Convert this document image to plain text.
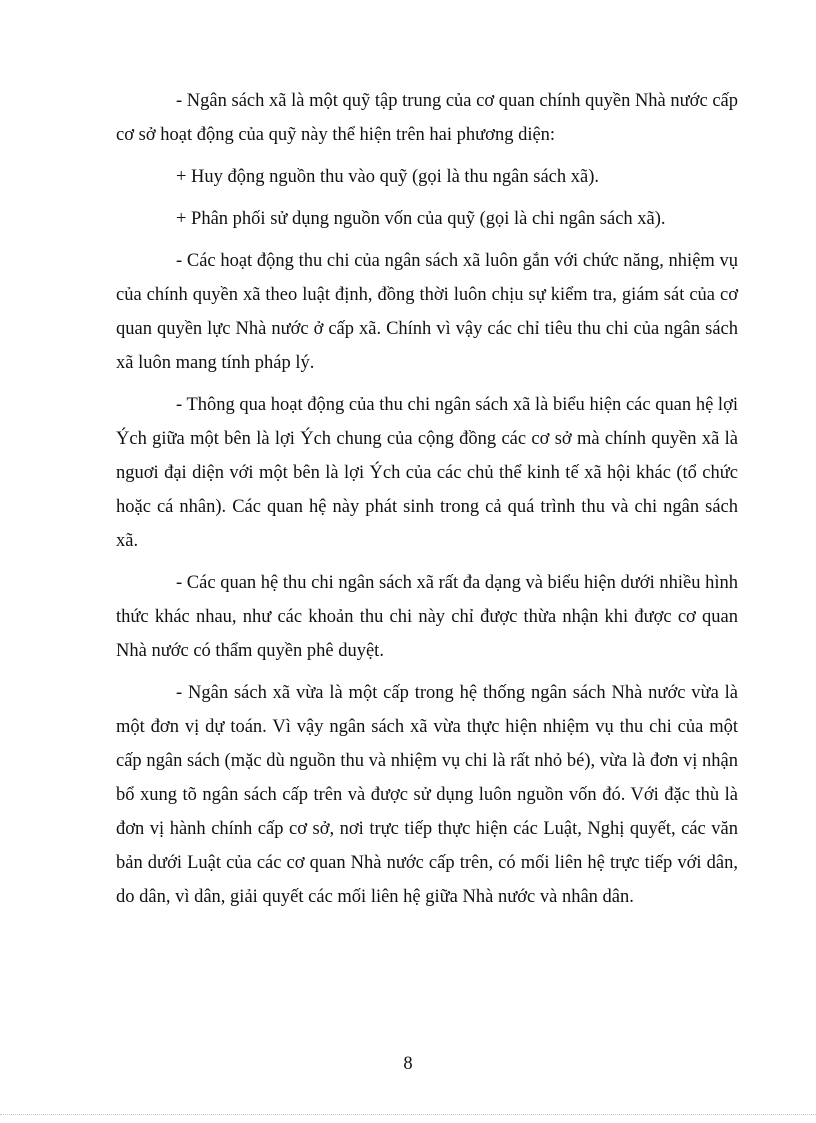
- Ngân sách xã là một quỹ tập trung của cơ quan chính quyền Nhà nước cấp cơ sở hoạt động của quỹ này thể hiện trên hai phương diện:

+ Huy động nguồn thu vào quỹ (gọi là thu ngân sách xã).

+ Phân phối sử dụng nguồn vốn của quỹ (gọi là chi ngân sách xã).

- Các hoạt động thu chi của ngân sách xã luôn gắn với chức năng, nhiệm vụ của chính quyền xã theo luật định, đồng thời luôn chịu sự kiểm tra, giám sát của cơ quan quyền lực Nhà nước ở cấp xã. Chính vì vậy các chỉ tiêu thu chi của ngân sách xã luôn mang tính pháp lý.

- Thông qua hoạt động của thu chi ngân sách xã là biểu hiện các quan hệ lợi Ých giữa một bên là lợi Ých chung của cộng đồng các cơ sở mà chính quyền xã là nguơi đại diện với một bên là lợi Ých của các chủ thể kinh tế xã hội khác (tổ chức hoặc cá nhân). Các quan hệ này phát sinh trong cả quá trình thu và chi ngân sách xã.

- Các quan hệ thu chi ngân sách xã rất đa dạng và biểu hiện dưới nhiều hình thức khác nhau, như các khoản thu chi này chỉ được thừa nhận khi được cơ quan Nhà nước có thẩm quyền phê duyệt.

- Ngân sách xã vừa là một cấp trong hệ thống ngân sách Nhà nước vừa là một đơn vị dự toán. Vì vậy ngân sách xã vừa thực hiện nhiệm vụ thu chi của một cấp ngân sách (mặc dù nguồn thu và nhiệm vụ chi là rất nhỏ bé), vừa là đơn vị nhận bổ xung tõ ngân sách cấp trên và được sử dụng luôn nguồn vốn đó. Với đặc thù là đơn vị hành chính cấp cơ sở, nơi trực tiếp thực hiện các Luật, Nghị quyết, các văn bản dưới Luật của các cơ quan Nhà nước cấp trên, có mối liên hệ trực tiếp với dân, do dân, vì dân, giải quyết các mối liên hệ giữa Nhà nước và nhân dân.

8
